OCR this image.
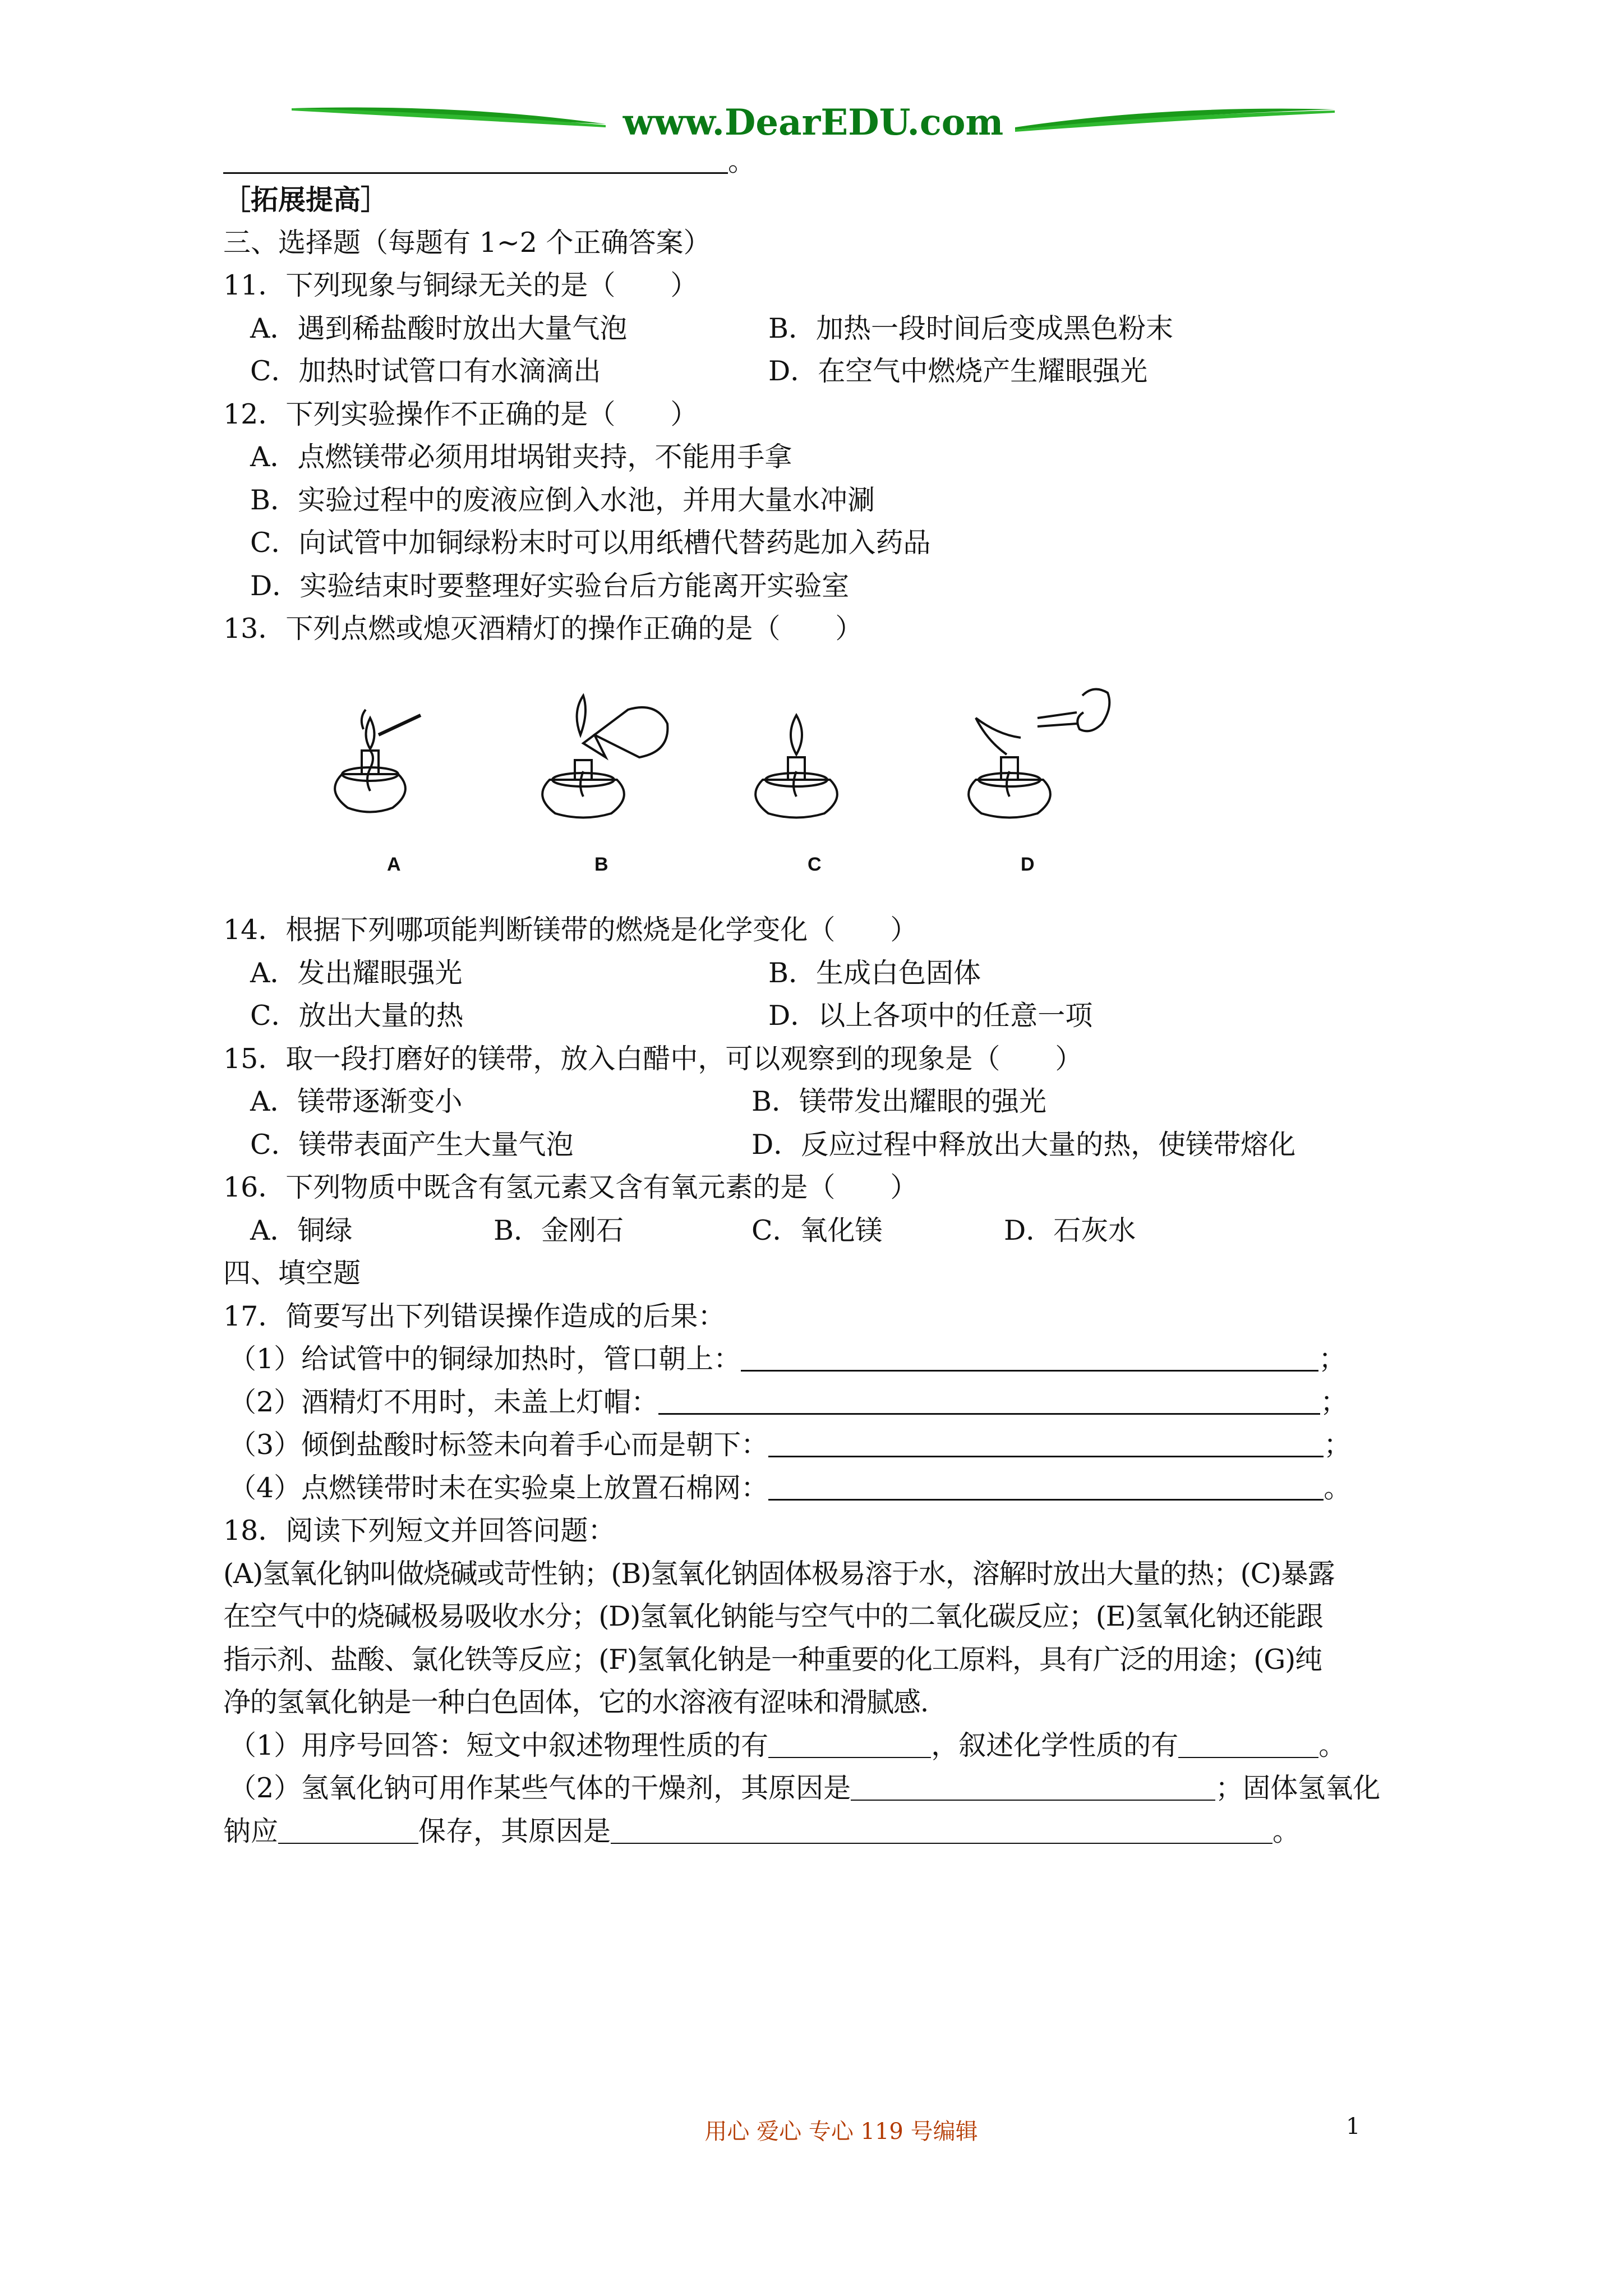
www.DearEDU.com
。
［拓展提高］
三、选择题（每题有 1~2 个正确答案）
11．下列现象与铜绿无关的是（　　）
A．遇到稀盐酸时放出大量气泡	B．加热一段时间后变成黑色粉末
C．加热时试管口有水滴滴出	D．在空气中燃烧产生耀眼强光
12．下列实验操作不正确的是（　　）
A．点燃镁带必须用坩埚钳夹持，不能用手拿
B．实验过程中的废液应倒入水池，并用大量水冲涮
C．向试管中加铜绿粉末时可以用纸槽代替药匙加入药品
D．实验结束时要整理好实验台后方能离开实验室
13．下列点燃或熄灭酒精灯的操作正确的是（　　）
A	B	C	D
14．根据下列哪项能判断镁带的燃烧是化学变化（　　）
A．发出耀眼强光	B．生成白色固体
C．放出大量的热	D．以上各项中的任意一项
15．取一段打磨好的镁带，放入白醋中，可以观察到的现象是（　　）
A．镁带逐渐变小	B．镁带发出耀眼的强光
C．镁带表面产生大量气泡	D．反应过程中释放出大量的热，使镁带熔化
16．下列物质中既含有氢元素又含有氧元素的是（　　）
A．铜绿	B．金刚石	C．氧化镁	D．石灰水
四、填空题
17．简要写出下列错误操作造成的后果：
（1）给试管中的铜绿加热时，管口朝上：	；
（2）酒精灯不用时，未盖上灯帽：	；
（3）倾倒盐酸时标签未向着手心而是朝下：	；
（4）点燃镁带时未在实验桌上放置石棉网：	。
18．阅读下列短文并回答问题：
(A)氢氧化钠叫做烧碱或苛性钠；(B)氢氧化钠固体极易溶于水，溶解时放出大量的热；(C)暴露
在空气中的烧碱极易吸收水分；(D)氢氧化钠能与空气中的二氧化碳反应；(E)氢氧化钠还能跟
指示剂、盐酸、氯化铁等反应；(F)氢氧化钠是一种重要的化工原料，具有广泛的用途；(G)纯
净的氢氧化钠是一种白色固体，它的水溶液有涩味和滑腻感.
（1）用序号回答：短文中叙述物理性质的有	，叙述化学性质的有	。
（2）氢氧化钠可用作某些气体的干燥剂，其原因是	；固体氢氧化
钠应	保存，其原因是	。
用心 爱心 专心 119 号编辑	1
